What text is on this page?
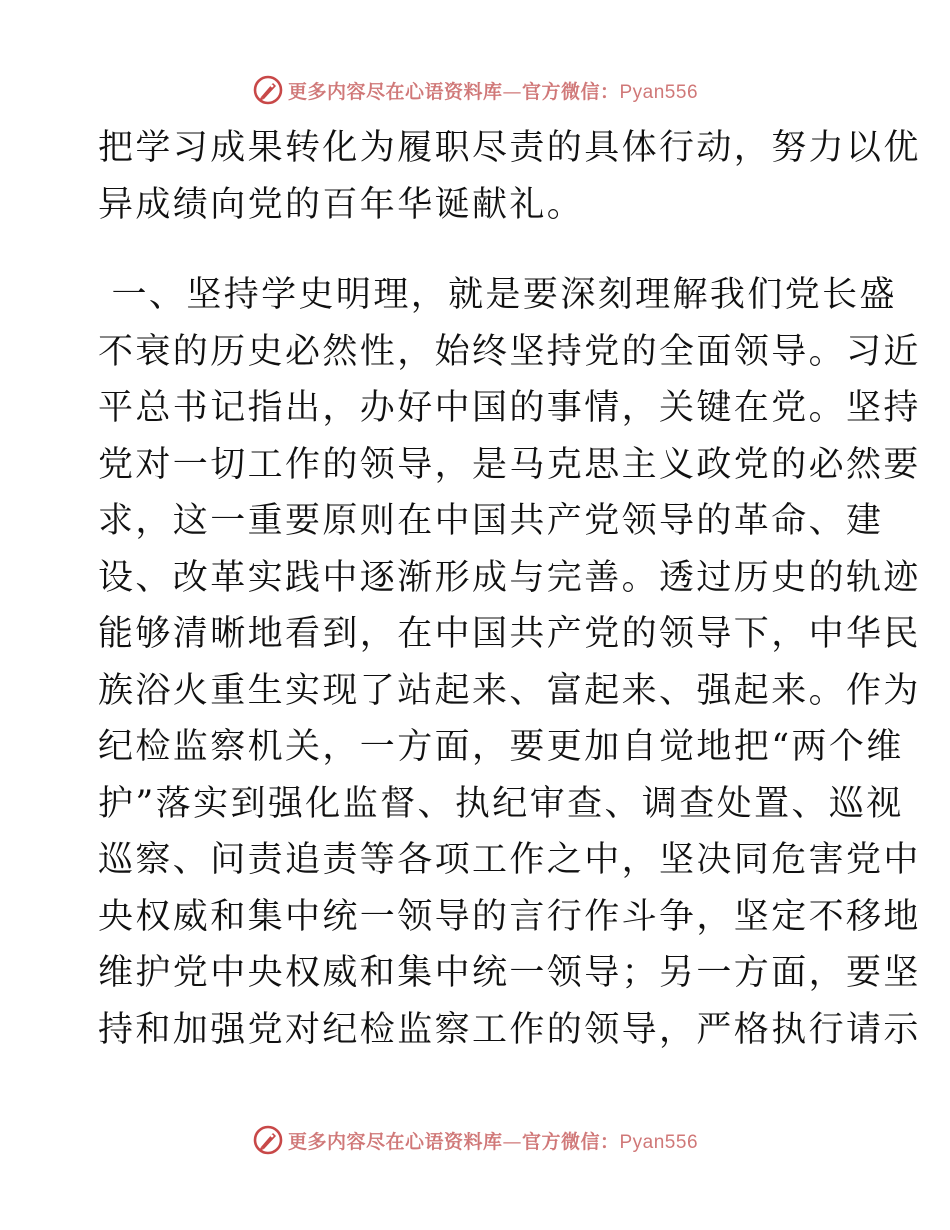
更多内容尽在心语资料库—官方微信：Pyan556
把学习成果转化为履职尽责的具体行动，努力以优
异成绩向党的百年华诞献礼。
一、坚持学史明理，就是要深刻理解我们党长盛
不衰的历史必然性，始终坚持党的全面领导。习近
平总书记指出，办好中国的事情，关键在党。坚持
党对一切工作的领导，是马克思主义政党的必然要
求，这一重要原则在中国共产党领导的革命、建
设、改革实践中逐渐形成与完善。透过历史的轨迹
能够清晰地看到，在中国共产党的领导下，中华民
族浴火重生实现了站起来、富起来、强起来。作为
纪检监察机关，一方面，要更加自觉地把“两个维
护”落实到强化监督、执纪审查、调查处置、巡视
巡察、问责追责等各项工作之中，坚决同危害党中
央权威和集中统一领导的言行作斗争，坚定不移地
维护党中央权威和集中统一领导；另一方面，要坚
持和加强党对纪检监察工作的领导，严格执行请示
更多内容尽在心语资料库—官方微信：Pyan556
